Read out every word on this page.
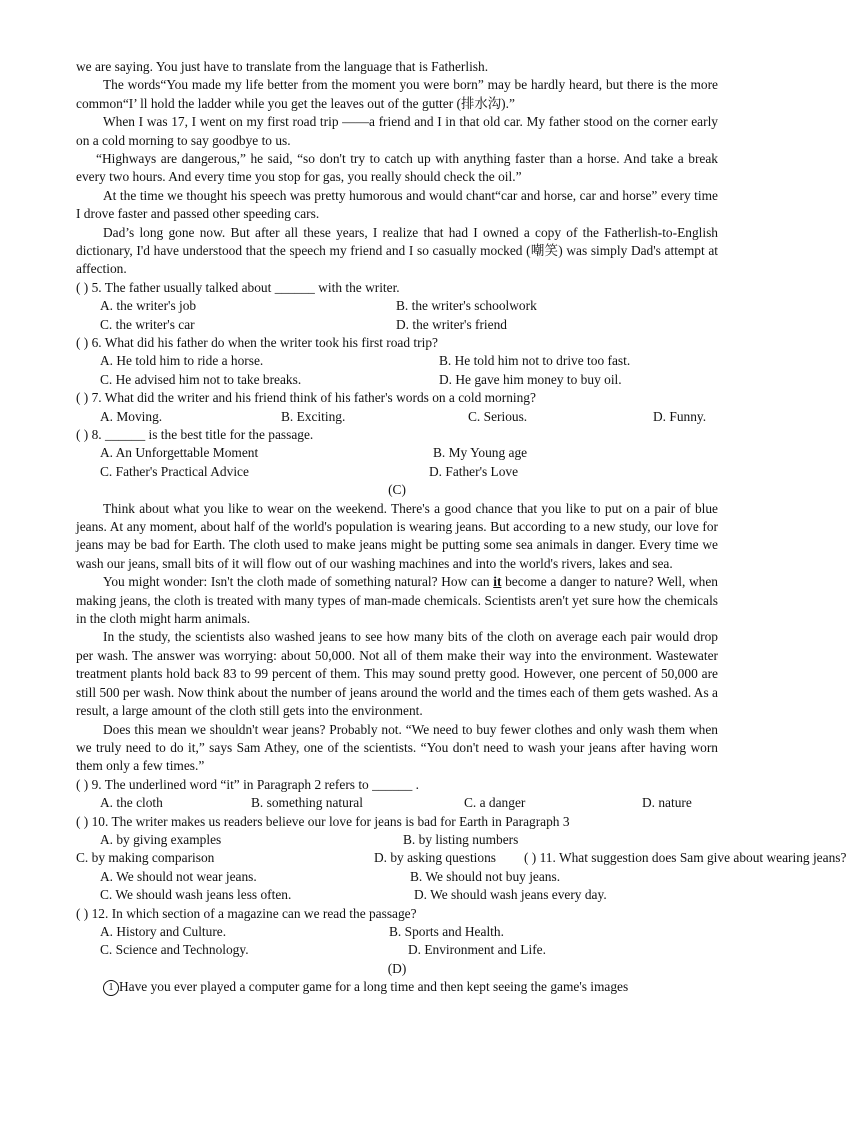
we are saying. You just have to translate from the language that is Fatherlish.

The words“You made my life better from the moment you were born” may be hardly heard, but there is the more common“I’ ll hold the ladder while you get the leaves out of the gutter (排水沟).”

When I was 17, I went on my first road trip ——a friend and I in that old car. My father stood on the corner early on a cold morning to say goodbye to us.

“Highways are dangerous,” he said, “so don't try to catch up with anything faster than a horse. And take a break every two hours. And every time you stop for gas, you really should check the oil.”

At the time we thought his speech was pretty humorous and would chant“car and horse, car and horse” every time I drove faster and passed other speeding cars.

Dad’s long gone now. But after all these years, I realize that had I owned a copy of the Fatherlish-to-English dictionary, I'd have understood that the speech my friend and I so casually mocked (嘲笑) was simply Dad's attempt at affection.

( ) 5. The father usually talked about ______ with the writer.

A. the writer's job	B. the writer's schoolwork
C. the writer's car	D. the writer's friend

( ) 6. What did his father do when the writer took his first road trip?

A. He told him to ride a horse.	B. He told him not to drive too fast.
C. He advised him not to take breaks.	D. He gave him money to buy oil.

( ) 7. What did the writer and his friend think of his father's words on a cold morning?

A. Moving.	B. Exciting.	C. Serious.	D. Funny.

( ) 8. ______ is the best title for the passage.

A. An Unforgettable Moment	B. My Young age
C. Father's Practical Advice	D. Father's Love

(C)

Think about what you like to wear on the weekend. There's a good chance that you like to put on a pair of blue jeans. At any moment, about half of the world's population is wearing jeans. But according to a new study, our love for jeans may be bad for Earth. The cloth used to make jeans might be putting some sea animals in danger. Every time we wash our jeans, small bits of it will flow out of our washing machines and into the world's rivers, lakes and sea.

You might wonder: Isn't the cloth made of something natural? How can it become a danger to nature? Well, when making jeans, the cloth is treated with many types of man-made chemicals. Scientists aren't yet sure how the chemicals in the cloth might harm animals.

In the study, the scientists also washed jeans to see how many bits of the cloth on average each pair would drop per wash. The answer was worrying: about 50,000. Not all of them make their way into the environment. Wastewater treatment plants hold back 83 to 99 percent of them. This may sound pretty good. However, one percent of 50,000 are still 500 per wash. Now think about the number of jeans around the world and the times each of them gets washed. As a result, a large amount of the cloth still gets into the environment.

Does this mean we shouldn't wear jeans? Probably not. “We need to buy fewer clothes and only wash them when we truly need to do it,” says Sam Athey, one of the scientists. “You don't need to wash your jeans after having worn them only a few times.”

( ) 9. The underlined word “it” in Paragraph 2 refers to ______ .

A. the cloth	B. something natural	C. a danger	D. nature

( ) 10. The writer makes us readers believe our love for jeans is bad for Earth in Paragraph 3

A. by giving examples	B. by listing numbers
C. by making comparison	D. by asking questions ( ) 11. What suggestion does Sam give about wearing jeans?
A. We should not wear jeans.	B. We should not buy jeans.
C. We should wash jeans less often.	D. We should wash jeans every day.

( ) 12. In which section of a magazine can we read the passage?

A. History and Culture.	B. Sports and Health.
C. Science and Technology.	D. Environment and Life.

(D)

1 Have you ever played a computer game for a long time and then kept seeing the game's images
